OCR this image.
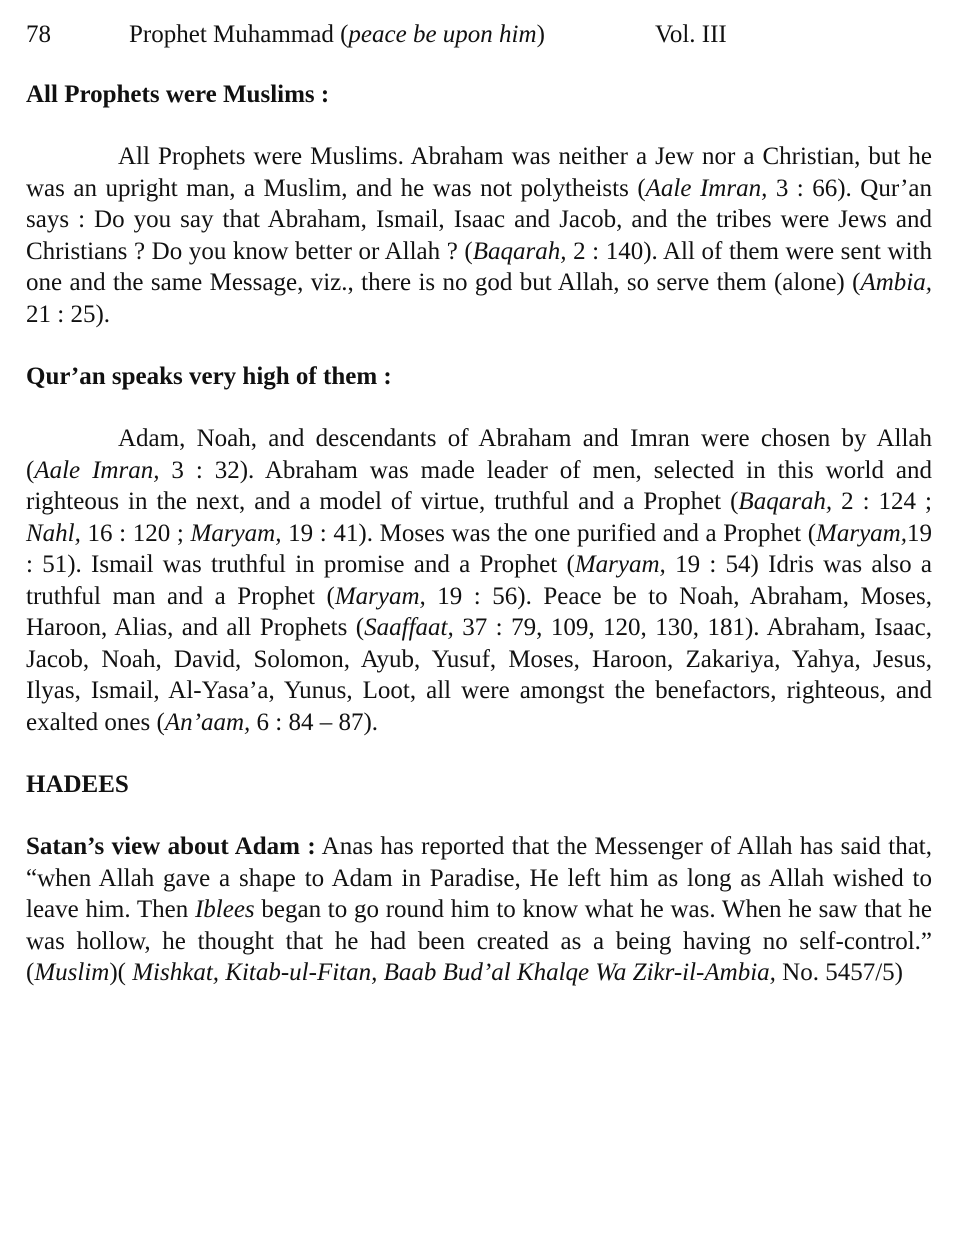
78	Prophet Muhammad (peace be upon him)	Vol. III
All Prophets were Muslims :

All Prophets were Muslims. Abraham was neither a Jew nor a Christian, but he was an upright man, a Muslim, and he was not polytheists (Aale Imran, 3 : 66). Qur’an says : Do you say that Abraham, Ismail, Isaac and Jacob, and the tribes were Jews and Christians ? Do you know better or Allah ? (Baqarah, 2 : 140). All of them were sent with one and the same Message, viz., there is no god but Allah, so serve them (alone) (Ambia, 21 : 25).

Qur’an speaks very high of them :

Adam, Noah, and descendants of Abraham and Imran were chosen by Allah (Aale Imran, 3 : 32). Abraham was made leader of men, selected in this world and righteous in the next, and a model of virtue, truthful and a Prophet (Baqarah, 2 : 124 ; Nahl, 16 : 120 ; Maryam, 19 : 41). Moses was the one purified and a Prophet (Maryam,19 : 51). Ismail was truthful in promise and a Prophet (Maryam, 19 : 54) Idris was also a truthful man and a Prophet (Maryam, 19 : 56). Peace be to Noah, Abraham, Moses, Haroon, Alias, and all Prophets (Saaffaat, 37 : 79, 109, 120, 130, 181). Abraham, Isaac, Jacob, Noah, David, Solomon, Ayub, Yusuf, Moses, Haroon, Zakariya, Yahya, Jesus, Ilyas, Ismail, Al-Yasa’a, Yunus, Loot, all were amongst the benefactors, righteous, and exalted ones (An’aam, 6 : 84 – 87).

HADEES

Satan’s view about Adam : Anas has reported that the Messenger of Allah has said that, “when Allah gave a shape to Adam in Paradise, He left him as long as Allah wished to leave him. Then Iblees began to go round him to know what he was. When he saw that he was hollow, he thought that he had been created as a being having no self-control.” (Muslim)( Mishkat, Kitab-ul-Fitan, Baab Bud’al Khalqe Wa Zikr-il-Ambia, No. 5457/5)
